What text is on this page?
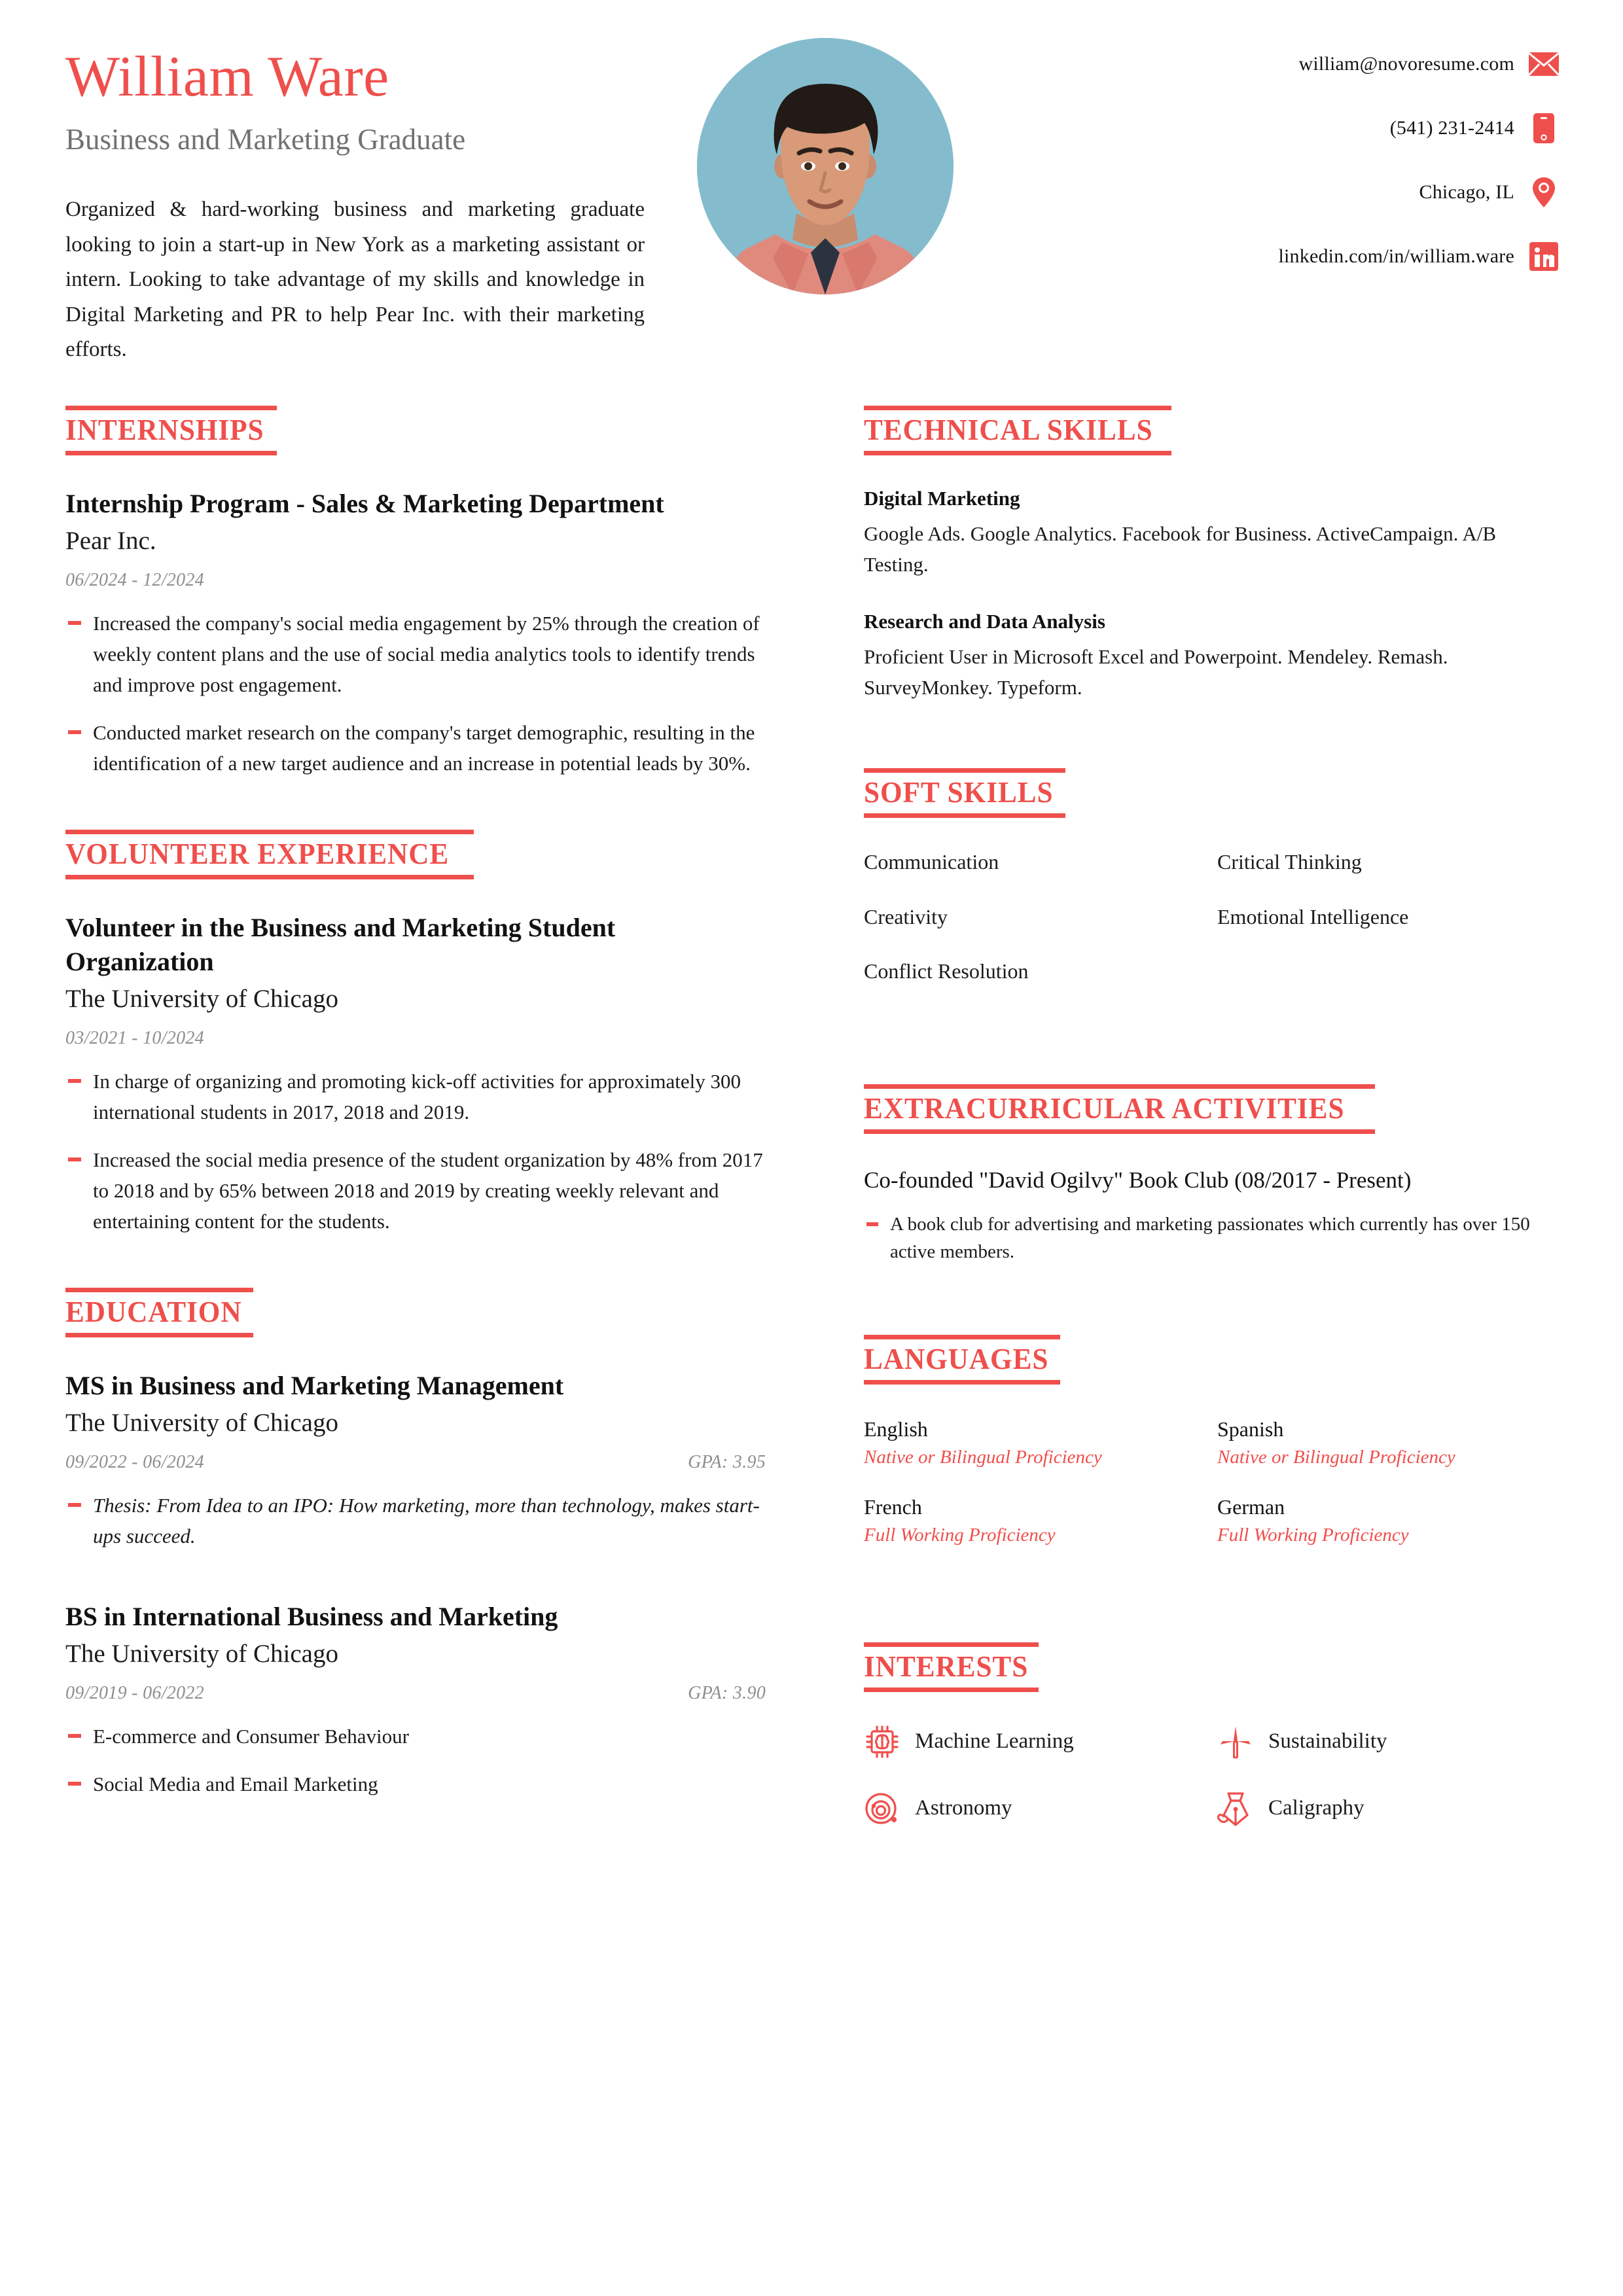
William Ware
Business and Marketing Graduate
Organized & hard-working business and marketing graduate looking to join a start-up in New York as a marketing assistant or intern. Looking to take advantage of my skills and knowledge in Digital Marketing and PR to help Pear Inc. with their marketing efforts.
william@novoresume.com
(541) 231-2414
Chicago, IL
linkedin.com/in/william.ware
INTERNSHIPS
Internship Program - Sales & Marketing Department
Pear Inc.
06/2024 - 12/2024
Increased the company's social media engagement by 25% through the creation of weekly content plans and the use of social media analytics tools to identify trends and improve post engagement.
Conducted market research on the company's target demographic, resulting in the identification of a new target audience and an increase in potential leads by 30%.
VOLUNTEER EXPERIENCE
Volunteer in the Business and Marketing Student Organization
The University of Chicago
03/2021 - 10/2024
In charge of organizing and promoting kick-off activities for approximately 300 international students in 2017, 2018 and 2019.
Increased the social media presence of the student organization by 48% from 2017 to 2018 and by 65% between 2018 and 2019 by creating weekly relevant and entertaining content for the students.
EDUCATION
MS in Business and Marketing Management
The University of Chicago
09/2022 - 06/2024	GPA: 3.95
Thesis: From Idea to an IPO: How marketing, more than technology, makes start-ups succeed.
BS in International Business and Marketing
The University of Chicago
09/2019 - 06/2022	GPA: 3.90
E-commerce and Consumer Behaviour
Social Media and Email Marketing
TECHNICAL SKILLS
Digital Marketing
Google Ads. Google Analytics. Facebook for Business. ActiveCampaign. A/B Testing.
Research and Data Analysis
Proficient User in Microsoft Excel and Powerpoint. Mendeley. Remash. SurveyMonkey. Typeform.
SOFT SKILLS
Communication	Critical Thinking
Creativity	Emotional Intelligence
Conflict Resolution
EXTRACURRICULAR ACTIVITIES
Co-founded "David Ogilvy" Book Club (08/2017 - Present)
A book club for advertising and marketing passionates which currently has over 150 active members.
LANGUAGES
English
Native or Bilingual Proficiency
Spanish
Native or Bilingual Proficiency
French
Full Working Proficiency
German
Full Working Proficiency
INTERESTS
Machine Learning	Sustainability
Astronomy	Caligraphy
